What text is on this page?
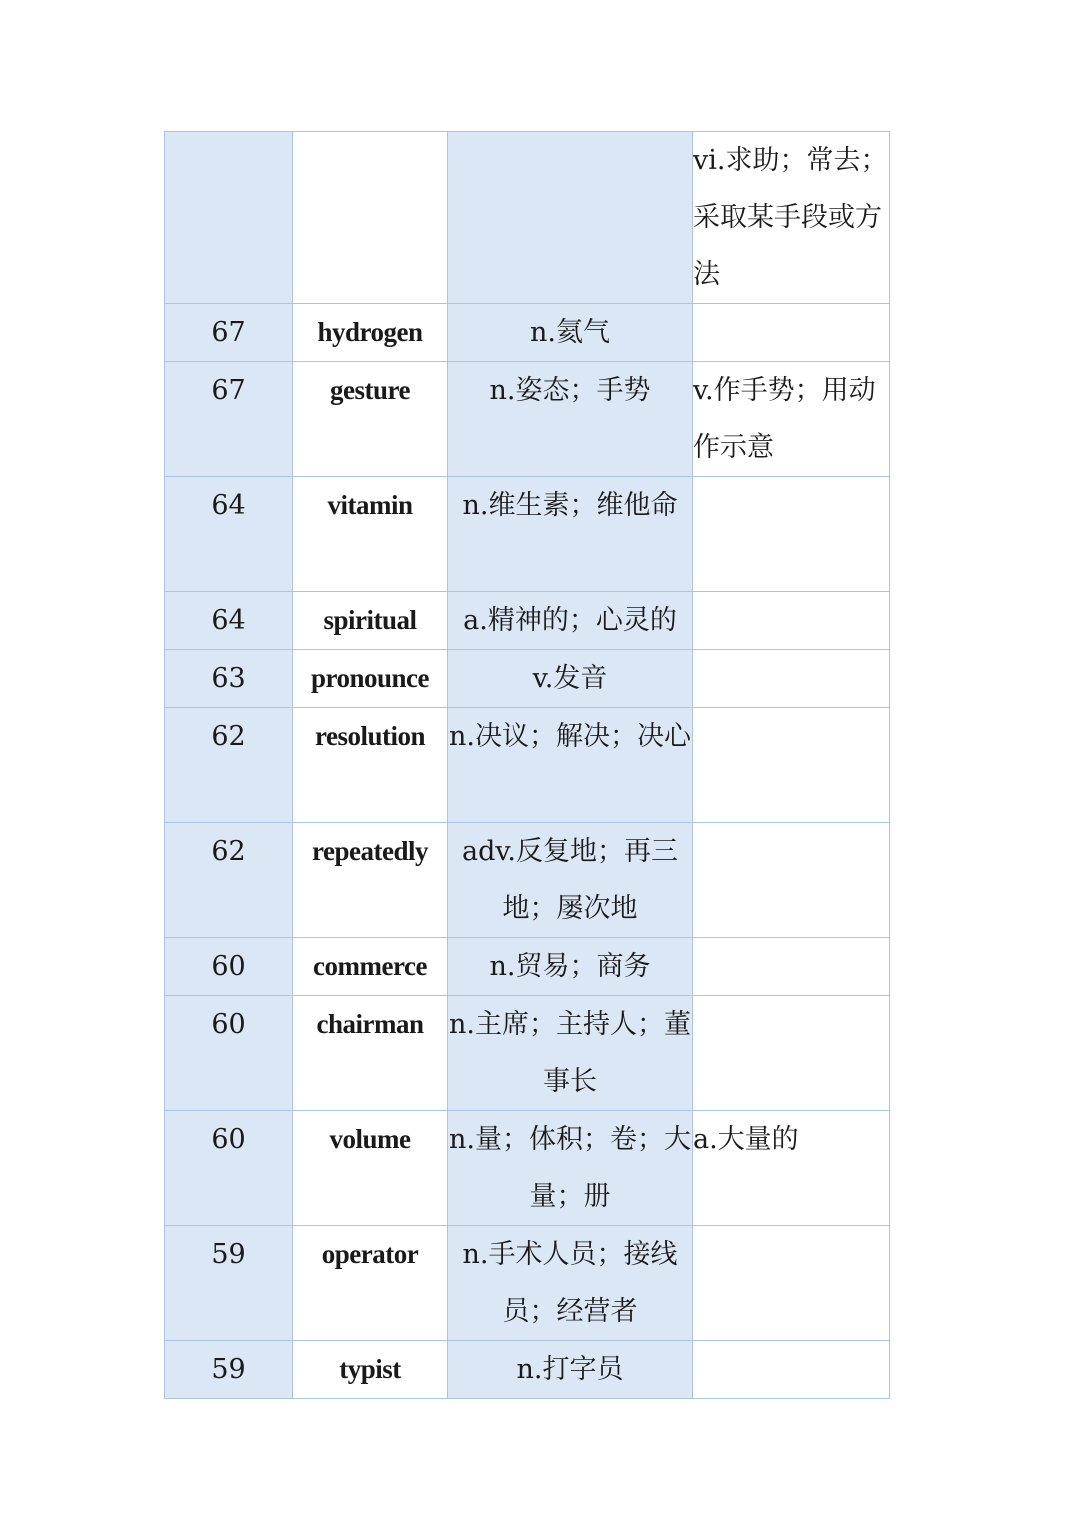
			vi.求助；常去；采取某手段或方法
67	hydrogen	n.氦气	
67	gesture	n.姿态；手势	v.作手势；用动作示意
64	vitamin	n.维生素；维他命	
64	spiritual	a.精神的；心灵的	
63	pronounce	v.发音	
62	resolution	n.决议；解决；决心	
62	repeatedly	adv.反复地；再三地；屡次地	
60	commerce	n.贸易；商务	
60	chairman	n.主席；主持人；董事长	
60	volume	n.量；体积；卷；大量；册	a.大量的
59	operator	n.手术人员；接线员；经营者	
59	typist	n.打字员	
